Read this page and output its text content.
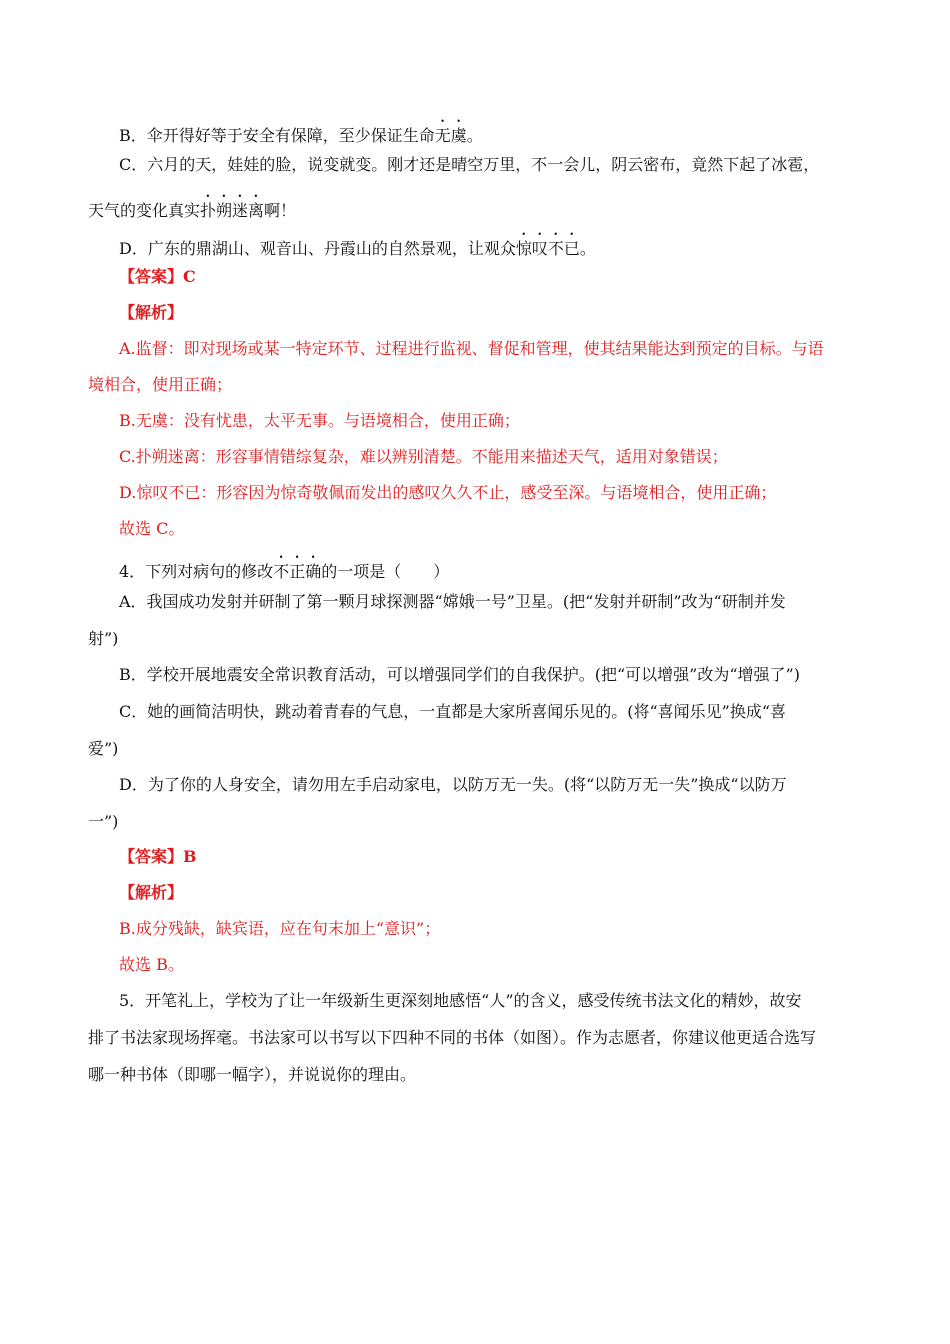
B．伞开得好等于安全有保障，至少保证生命无虞。
C．六月的天，娃娃的脸，说变就变。刚才还是晴空万里，不一会儿，阴云密布，竟然下起了冰雹，
天气的变化真实扑朔迷离啊！
D．广东的鼎湖山、观音山、丹霞山的自然景观，让观众惊叹不已。
【答案】C
【解析】
A.监督：即对现场或某一特定环节、过程进行监视、督促和管理，使其结果能达到预定的目标。与语
境相合，使用正确；
B.无虞：没有忧患，太平无事。与语境相合，使用正确；
C.扑朔迷离：形容事情错综复杂，难以辨别清楚。不能用来描述天气，适用对象错误；
D.惊叹不已：形容因为惊奇敬佩而发出的感叹久久不止，感受至深。与语境相合，使用正确；
故选 C。
4．下列对病句的修改不正确的一项是（　　）
A．我国成功发射并研制了第一颗月球探测器“嫦娥一号”卫星。(把“发射并研制”改为“研制并发
射”)
B．学校开展地震安全常识教育活动，可以增强同学们的自我保护。(把“可以增强”改为“增强了”)
C．她的画简洁明快，跳动着青春的气息，一直都是大家所喜闻乐见的。(将“喜闻乐见”换成“喜
爱”)
D．为了你的人身安全，请勿用左手启动家电，以防万无一失。(将“以防万无一失”换成“以防万
一”)
【答案】B
【解析】
B.成分残缺，缺宾语，应在句末加上“意识”；
故选 B。
5．开笔礼上，学校为了让一年级新生更深刻地感悟“人”的含义，感受传统书法文化的精妙，故安
排了书法家现场挥毫。书法家可以书写以下四种不同的书体（如图）。作为志愿者，你建议他更适合选写
哪一种书体（即哪一幅字），并说说你的理由。
